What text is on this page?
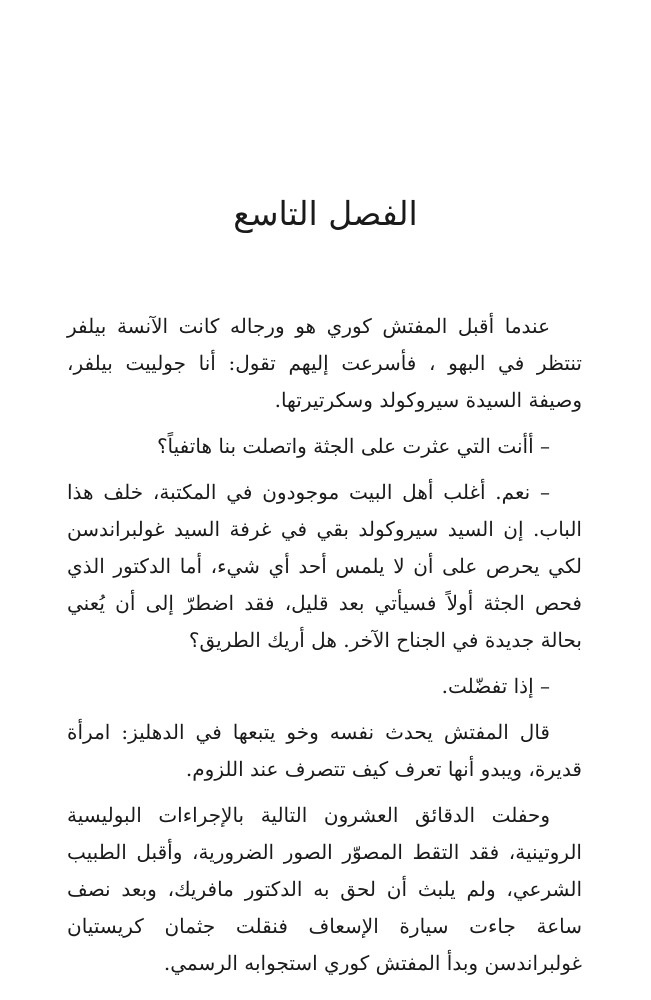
الفصل التاسع

عندما أقبل المفتش كوري هو ورجاله كانت الآنسة بيلفر تنتظر في البهو ، فأسرعت إليهم تقول: أنا جولييت بيلفر، وصيفة السيدة سيروكولد وسكرتيرتها.

– أأنت التي عثرت على الجثة واتصلت بنا هاتفياً؟

– نعم. أغلب أهل البيت موجودون في المكتبة، خلف هذا الباب. إن السيد سيروكولد بقي في غرفة السيد غولبراندسن لكي يحرص على أن لا يلمس أحد أي شيء، أما الدكتور الذي فحص الجثة أولاً فسيأتي بعد قليل، فقد اضطرّ إلى أن يُعني بحالة جديدة في الجناح الآخر. هل أريك الطريق؟

– إذا تفضّلت.

قال المفتش يحدث نفسه وخو يتبعها في الدهليز: امرأة قديرة، ويبدو أنها تعرف كيف تتصرف عند اللزوم.

وحفلت الدقائق العشرون التالية بالإجراءات البوليسية الروتينية، فقد التقط المصوّر الصور الضرورية، وأقبل الطبيب الشرعي، ولم يلبث أن لحق به الدكتور مافريك، وبعد نصف ساعة جاءت سيارة الإسعاف فنقلت جثمان كريستيان غولبراندسن وبدأ المفتش كوري استجوابه الرسمي.
